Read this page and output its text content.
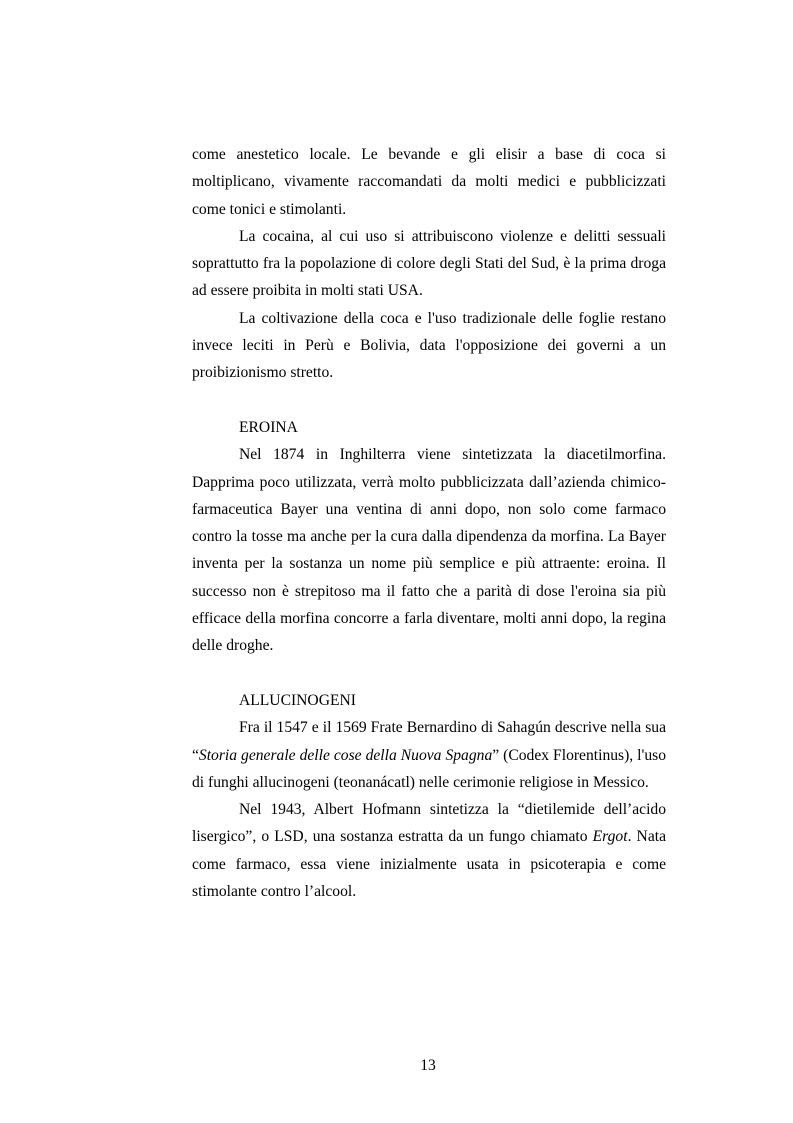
come anestetico locale. Le bevande e gli elisir a base di coca si moltiplicano, vivamente raccomandati da molti medici e pubblicizzati come tonici e stimolanti.

La cocaina, al cui uso si attribuiscono violenze e delitti sessuali soprattutto fra la popolazione di colore degli Stati del Sud, è la prima droga ad essere proibita in molti stati USA.

La coltivazione della coca e l'uso tradizionale delle foglie restano invece leciti in Perù e Bolivia, data l'opposizione dei governi a un proibizionismo stretto.

EROINA

Nel 1874 in Inghilterra viene sintetizzata la diacetilmorfina. Dapprima poco utilizzata, verrà molto pubblicizzata dall’azienda chimico-farmaceutica Bayer una ventina di anni dopo, non solo come farmaco contro la tosse ma anche per la cura dalla dipendenza da morfina. La Bayer inventa per la sostanza un nome più semplice e più attraente: eroina. Il successo non è strepitoso ma il fatto che a parità di dose l'eroina sia più efficace della morfina concorre a farla diventare, molti anni dopo, la regina delle droghe.

ALLUCINOGENI

Fra il 1547 e il 1569 Frate Bernardino di Sahagún descrive nella sua “Storia generale delle cose della Nuova Spagna” (Codex Florentinus), l'uso di funghi allucinogeni (teonanácatl) nelle cerimonie religiose in Messico.

Nel 1943, Albert Hofmann sintetizza la “dietilemide dell’acido lisergico”, o LSD, una sostanza estratta da un fungo chiamato Ergot. Nata come farmaco, essa viene inizialmente usata in psicoterapia e come stimolante contro l’alcool.

13
